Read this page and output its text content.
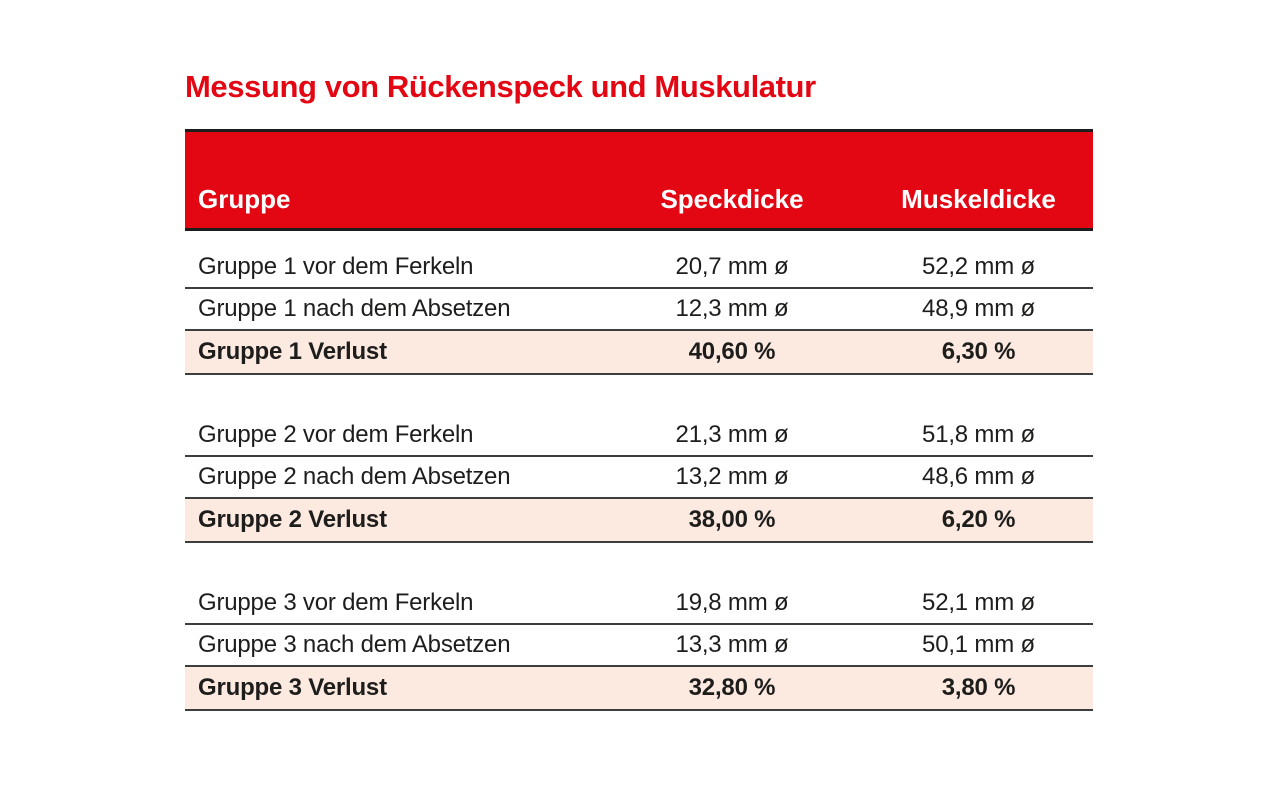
Messung von Rückenspeck und Muskulatur
Gruppe	Speckdicke	Muskeldicke
Gruppe 1 vor dem Ferkeln	20,7 mm ø	52,2 mm ø
Gruppe 1 nach dem Absetzen	12,3 mm ø	48,9 mm ø
Gruppe 1 Verlust	40,60 %	6,30 %
Gruppe 2 vor dem Ferkeln	21,3 mm ø	51,8 mm ø
Gruppe 2 nach dem Absetzen	13,2 mm ø	48,6 mm ø
Gruppe 2 Verlust	38,00 %	6,20 %
Gruppe 3 vor dem Ferkeln	19,8 mm ø	52,1 mm ø
Gruppe 3 nach dem Absetzen	13,3 mm ø	50,1 mm ø
Gruppe 3 Verlust	32,80 %	3,80 %
